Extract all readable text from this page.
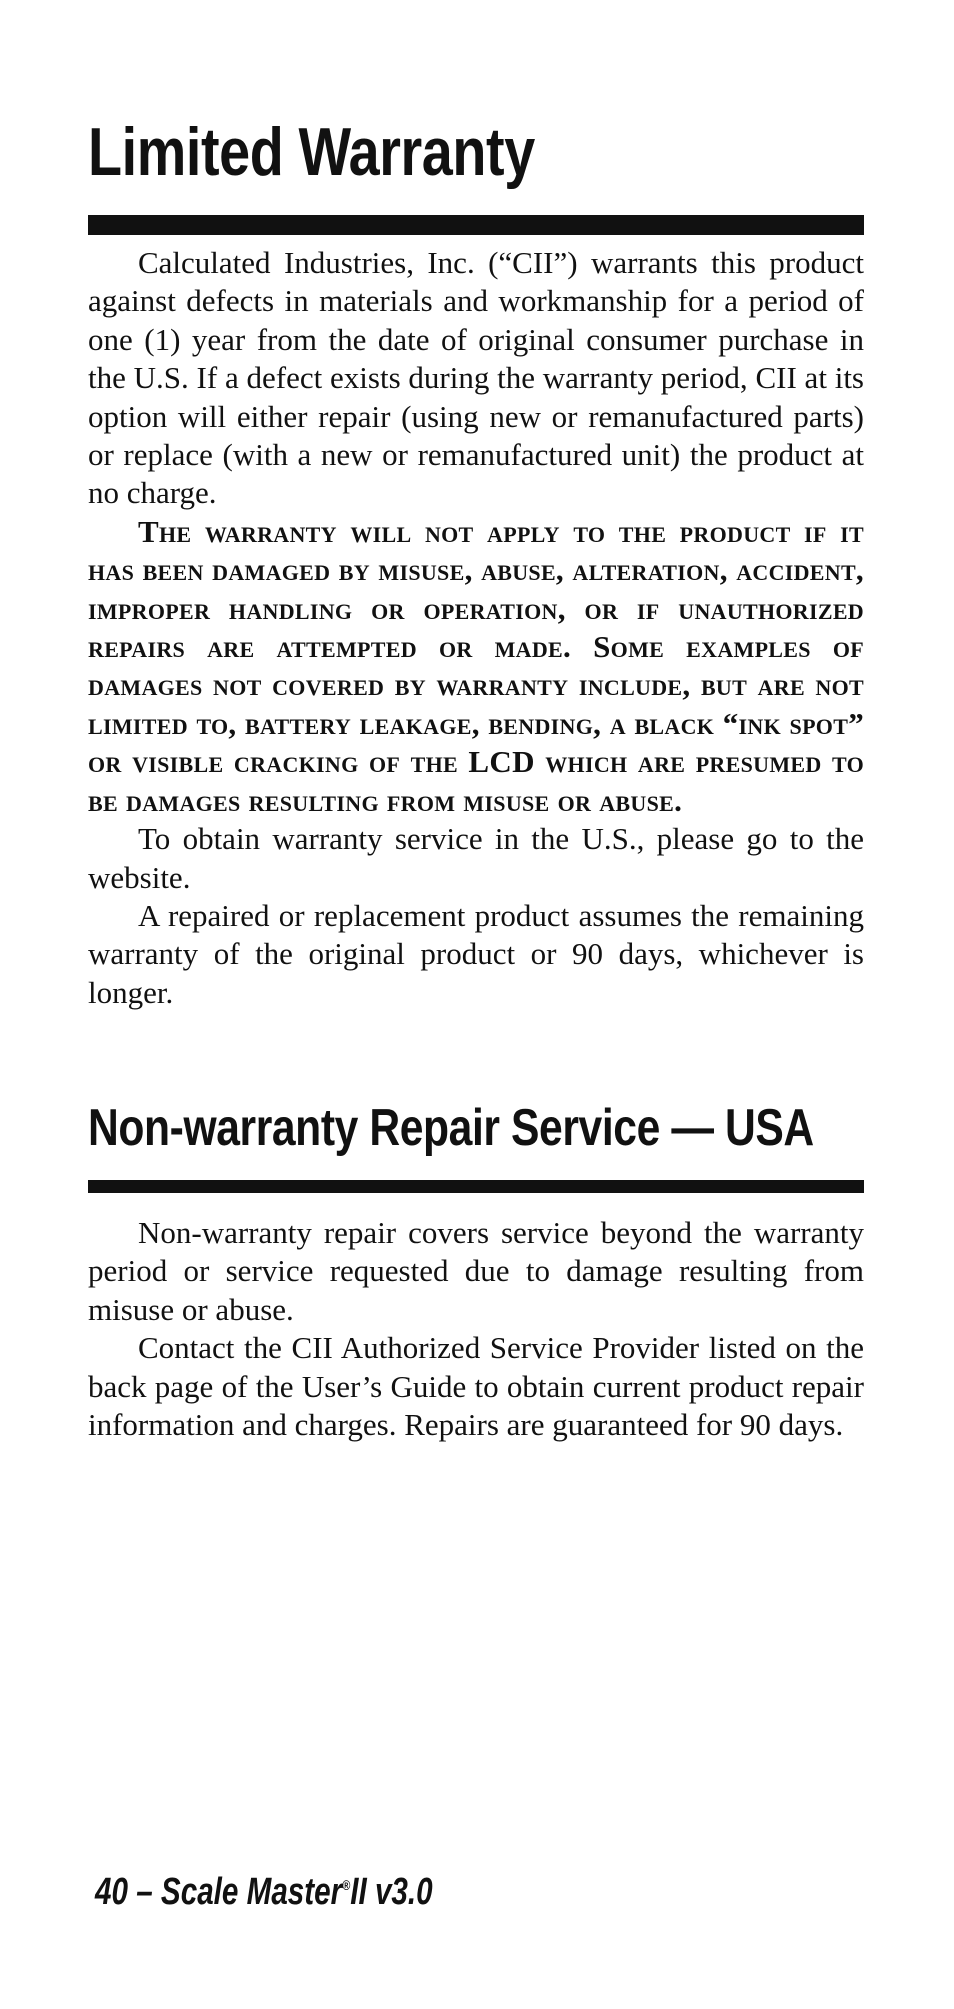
Limited Warranty

Calculated Industries, Inc. (“CII”) warrants this product against defects in materials and workmanship for a period of one (1) year from the date of original consumer purchase in the U.S. If a defect exists during the warranty period, CII at its option will either repair (using new or remanufactured parts) or replace (with a new or remanufactured unit) the product at no charge.

The warranty will not apply to the product if it has been damaged by misuse, abuse, alteration, accident, improper handling or operation, or if unauthorized repairs are attempted or made. Some examples of damages not covered by warranty include, but are not limited to, battery leakage, bending, a black “ink spot” or visible cracking of the LCD which are presumed to be damages resulting from misuse or abuse.

To obtain warranty service in the U.S., please go to the website.

A repaired or replacement product assumes the remaining warranty of the original product or 90 days, whichever is longer.

Non-warranty Repair Service — USA

Non-warranty repair covers service beyond the warranty period or service requested due to damage resulting from misuse or abuse.

Contact the CII Authorized Service Provider listed on the back page of the User’s Guide to obtain current product repair information and charges. Repairs are guaranteed for 90 days.

40 – Scale Master®II v3.0
